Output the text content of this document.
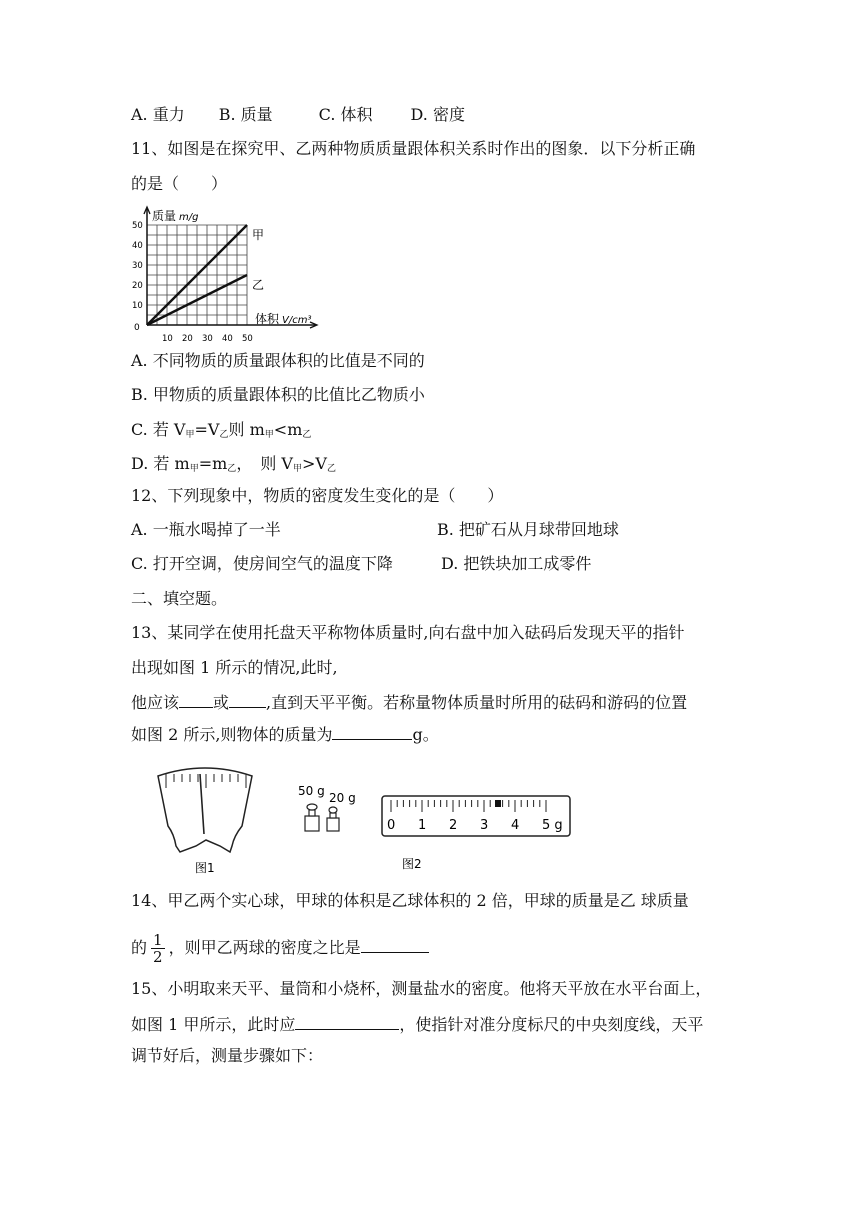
A. 重力 B. 质量	C. 体积 D. 密度
11、如图是在探究甲、乙两种物质质量跟体积关系时作出的图象．以下分析正确
的是（　　）
10
20
30
40
50
10 20 30 40 50
质量 m/g
体积 V/cm³
0
甲
乙
A. 不同物质的质量跟体积的比值是不同的
B. 甲物质的质量跟体积的比值比乙物质小
C. 若 $V_甲=V_乙$则 $m_甲<m_乙$
D. 若 $m_甲=m_乙$，　则 $V_甲>V_乙$
12、下列现象中，物质的密度发生变化的是（　　）
A. 一瓶水喝掉了一半	B. 把矿石从月球带回地球
C. 打开空调，使房间空气的温度下降	D. 把铁块加工成零件
二、填空题。
13、某同学在使用托盘天平称物体质量时,向右盘中加入砝码后发现天平的指针
出现如图 1 所示的情况,此时,
他应该 或 ,直到天平平衡。若称量物体质量时所用的砝码和游码的位置
如图 2 所示,则物体的质量为	g。
图1
50 g 20 g
0 1 2 3 4 5 g
图2
14、甲乙两个实心球，甲球的体积是乙球体积的 2 倍，甲球的质量是乙 球质量
的 $\frac{1}{2}$ ，则甲乙两球的密度之比是
15、小明取来天平、量筒和小烧杯，测量盐水的密度。他将天平放在水平台面上，
如图 1 甲所示，此时应	，使指针对准分度标尺的中央刻度线，天平
调节好后，测量步骤如下：
